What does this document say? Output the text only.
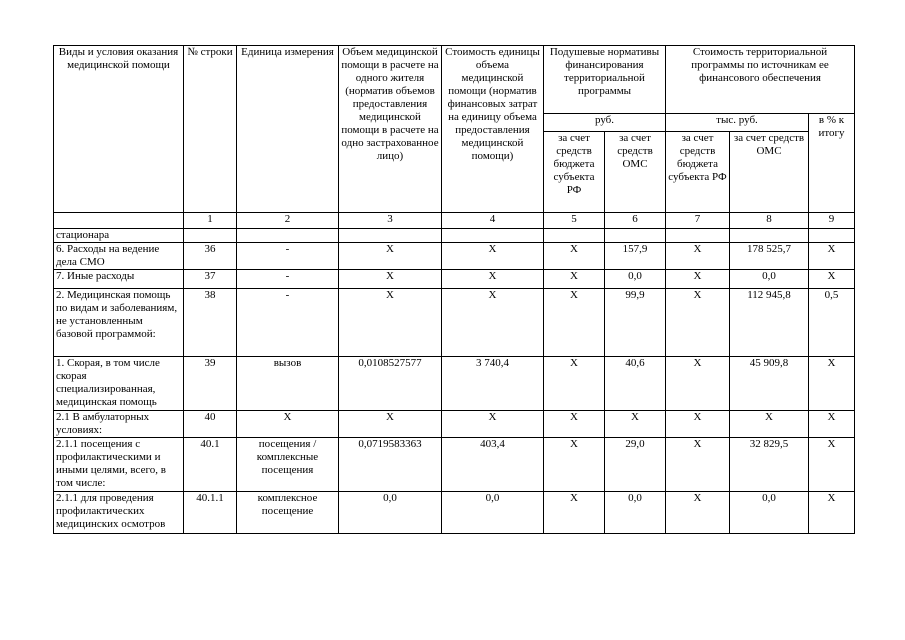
Виды и условия оказания медицинской помощи	№ строки	Единица измерения	Объем медицинской помощи в расчете на одного жителя (норматив объемов предоставления медицинской помощи в расчете на одно застрахованное лицо)	Стоимость единицы объема медицинской помощи (норматив финансовых затрат на единицу объема предоставления медицинской помощи)	Подушевые нормативы финансирования территориальной программы		Стоимость территориальной программы по источникам ее финансового обеспечения		
					руб.		тыс. руб.		в % к итогу
					за счет средств бюджета субъекта РФ	за счет средств ОМС	за счет средств бюджета субъекта РФ	за счет средств ОМС	
	1	2	3	4	5	6	7	8	9
стационара									
6. Расходы на ведение дела СМО	36	-	Х	Х	Х	157,9	Х	178 525,7	Х
7. Иные расходы	37	-	Х	Х	Х	0,0	Х	0,0	Х
2. Медицинская помощь по видам и заболеваниям, не установленным базовой программой:	38	-	Х	Х	Х	99,9	Х	112 945,8	0,5
1. Скорая, в том числе скорая специализированная, медицинская помощь	39	вызов	0,0108527577	3 740,4	Х	40,6	Х	45 909,8	Х
2.1 В амбулаторных условиях:	40	Х	Х	Х	Х	Х	Х	Х	Х
2.1.1 посещения с профилактическими и иными целями, всего, в том числе:	40.1	посещения / комплексные посещения	0,0719583363	403,4	Х	29,0	Х	32 829,5	Х
2.1.1 для проведения профилактических медицинских осмотров	40.1.1	комплексное посещение	0,0	0,0	Х	0,0	Х	0,0	Х
